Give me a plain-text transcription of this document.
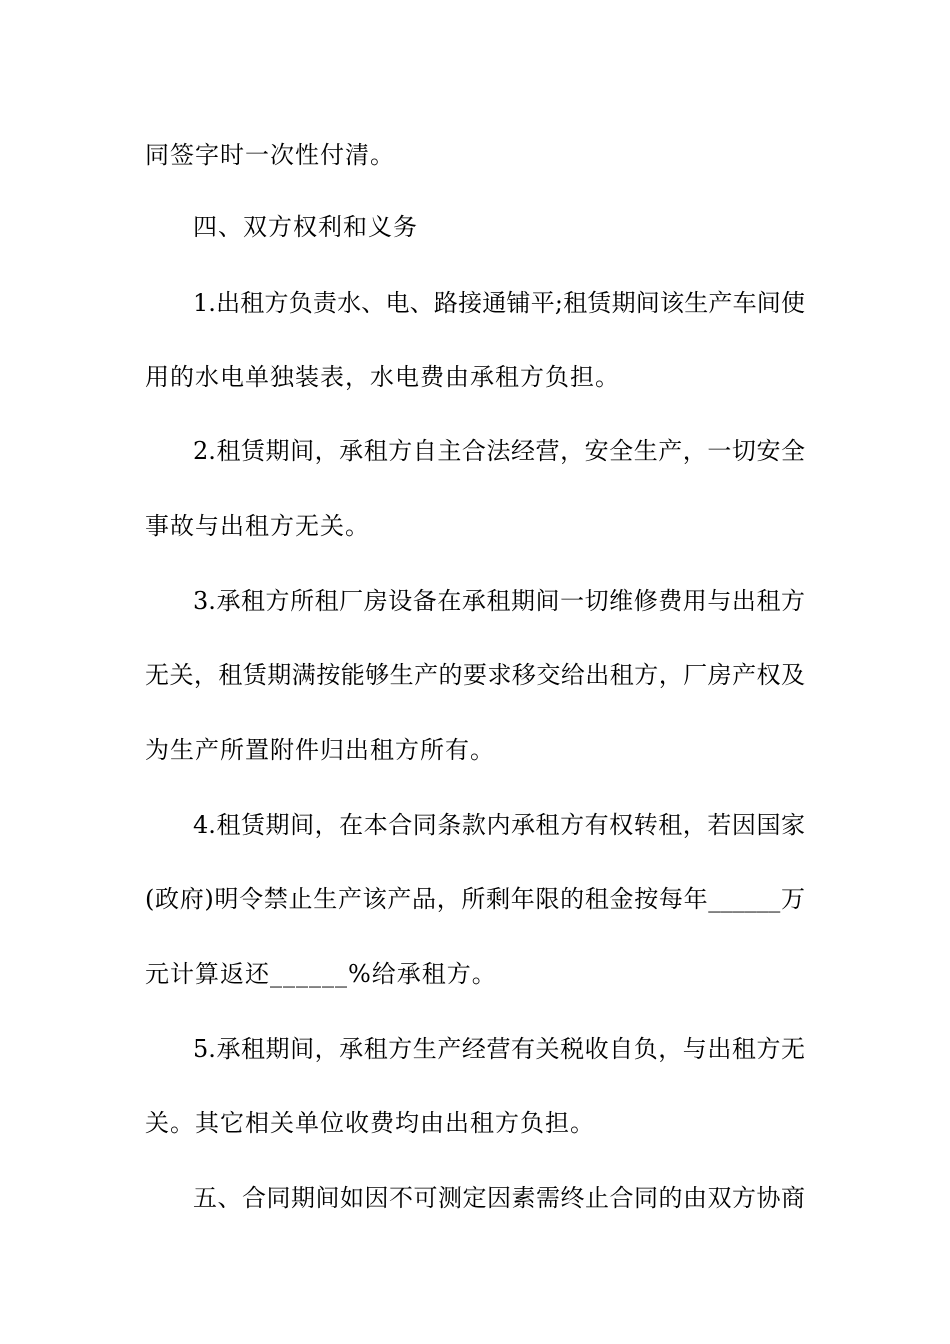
同签字时一次性付清。
四、双方权利和义务
1.出租方负责水、电、路接通铺平;租赁期间该生产车间使
用的水电单独装表，水电费由承租方负担。
2.租赁期间，承租方自主合法经营，安全生产，一切安全
事故与出租方无关。
3.承租方所租厂房设备在承租期间一切维修费用与出租方
无关，租赁期满按能够生产的要求移交给出租方，厂房产权及
为生产所置附件归出租方所有。
4.租赁期间，在本合同条款内承租方有权转租，若因国家
(政府)明令禁止生产该产品，所剩年限的租金按每年______万
元计算返还______%给承租方。
5.承租期间，承租方生产经营有关税收自负，与出租方无
关。其它相关单位收费均由出租方负担。
五、合同期间如因不可测定因素需终止合同的由双方协商
